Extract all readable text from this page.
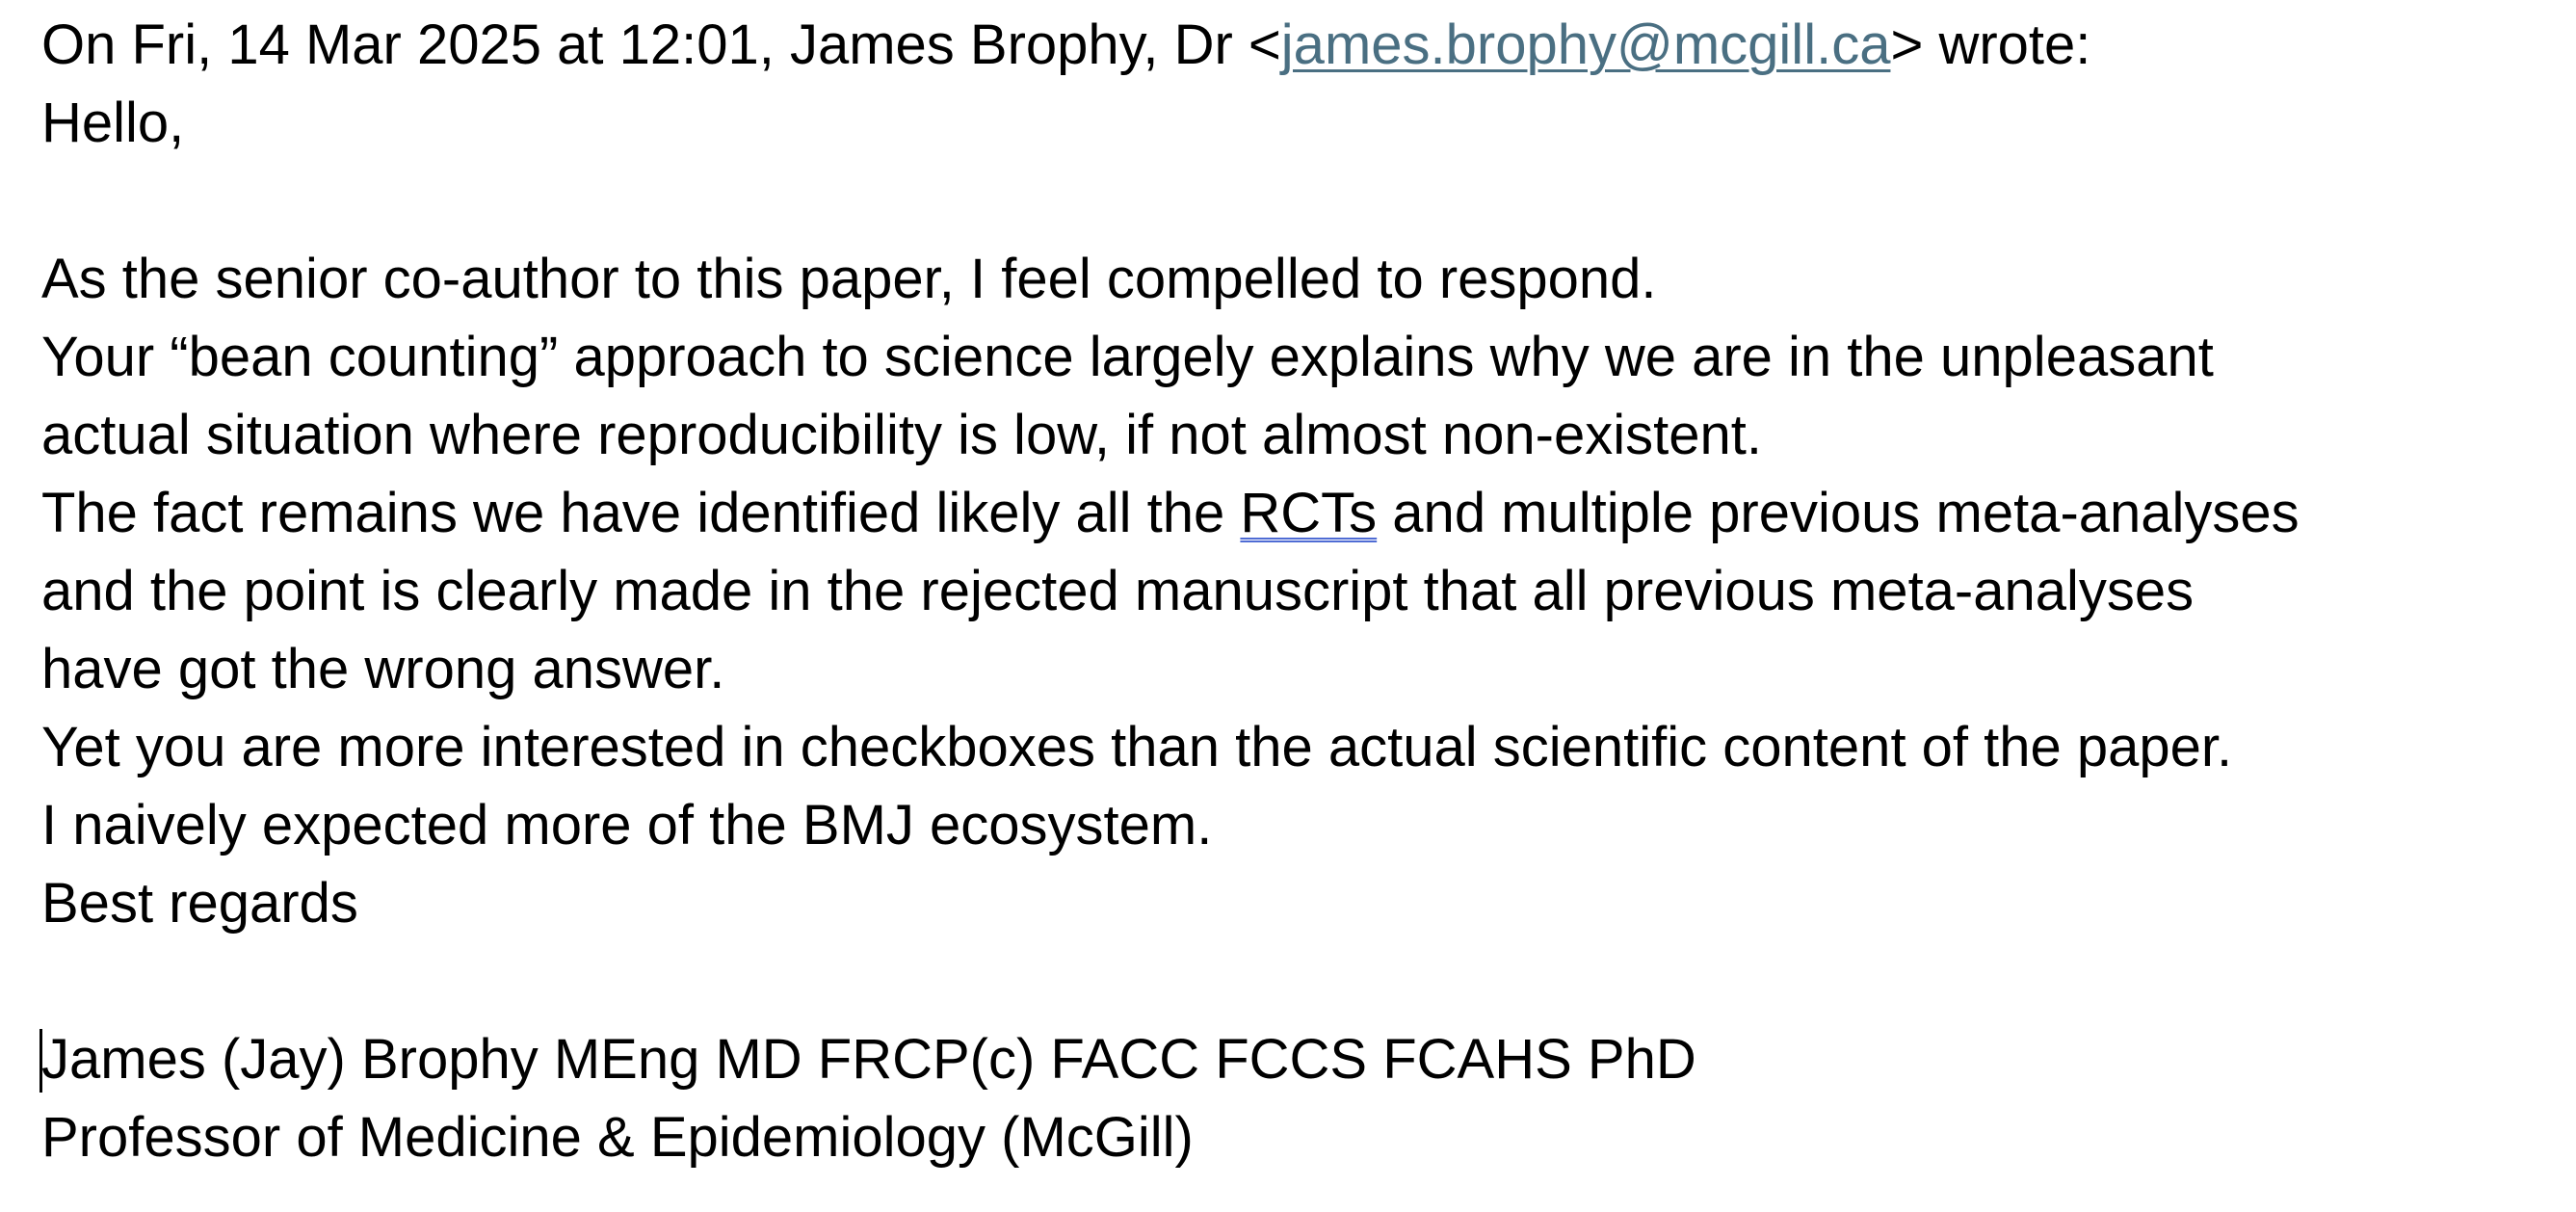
On Fri, 14 Mar 2025 at 12:01, James Brophy, Dr <james.brophy@mcgill.ca> wrote:
Hello,
As the senior co-author to this paper, I feel compelled to respond.
Your “bean counting” approach to science largely explains why we are in the unpleasant
actual situation where reproducibility is low, if not almost non-existent.
The fact remains we have identified likely all the RCTs and multiple previous meta-analyses
and the point is clearly made in the rejected manuscript that all previous meta-analyses
have got the wrong answer.
Yet you are more interested in checkboxes than the actual scientific content of the paper.
I naively expected more of the BMJ ecosystem.
Best regards
James (Jay) Brophy MEng MD FRCP(c) FACC FCCS FCAHS PhD
Professor of Medicine & Epidemiology (McGill)
